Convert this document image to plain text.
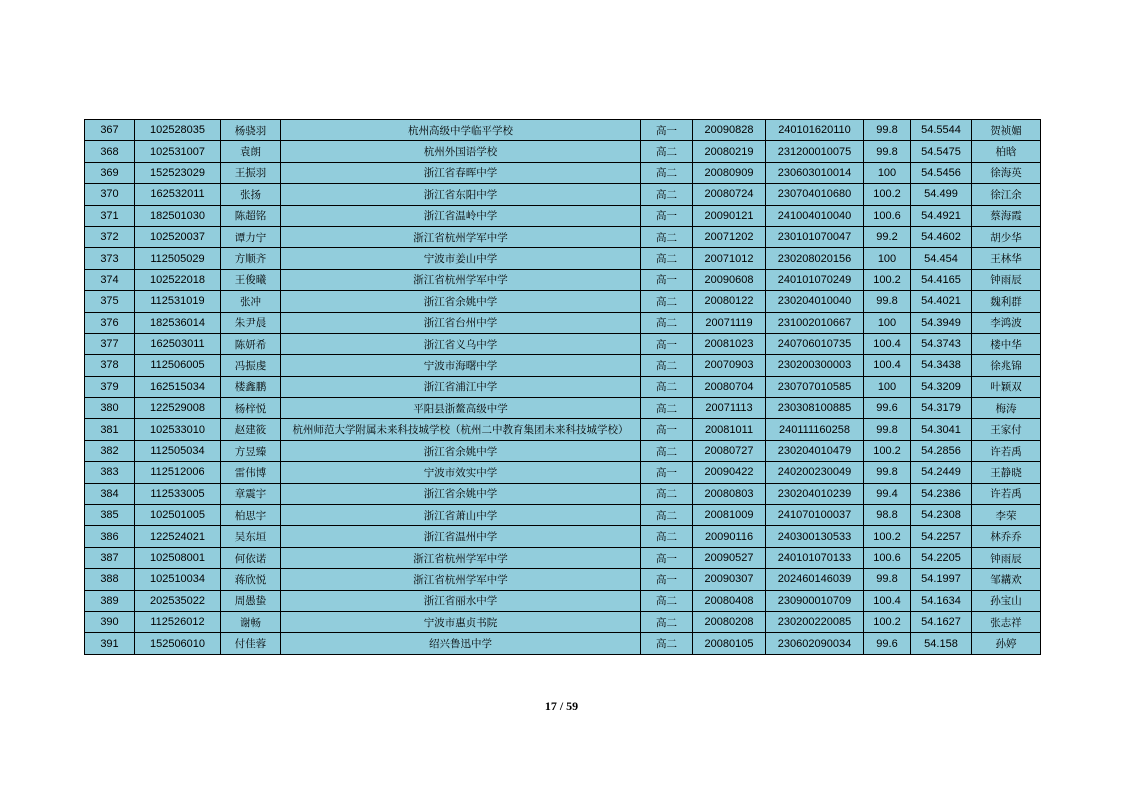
367	102528035	杨骁羽	杭州高级中学临平学校	高一	20090828	240101620110	99.8	54.5544	贺祯媚
368	102531007	袁朗	杭州外国语学校	高二	20080219	231200010075	99.8	54.5475	柏晗
369	152523029	王振羽	浙江省春晖中学	高二	20080909	230603010014	100	54.5456	徐海英
370	162532011	张扬	浙江省东阳中学	高二	20080724	230704010680	100.2	54.499	徐江余
371	182501030	陈超铭	浙江省温岭中学	高一	20090121	241004010040	100.6	54.4921	蔡海霞
372	102520037	谭力宁	浙江省杭州学军中学	高二	20071202	230101070047	99.2	54.4602	胡少华
373	112505029	方顺齐	宁波市姜山中学	高二	20071012	230208020156	100	54.454	王林华
374	102522018	王俊曦	浙江省杭州学军中学	高一	20090608	240101070249	100.2	54.4165	钟雨辰
375	112531019	张冲	浙江省余姚中学	高二	20080122	230204010040	99.8	54.4021	魏利群
376	182536014	朱尹晨	浙江省台州中学	高二	20071119	231002010667	100	54.3949	李鸿波
377	162503011	陈妍希	浙江省义乌中学	高一	20081023	240706010735	100.4	54.3743	楼中华
378	112506005	冯振虔	宁波市海曙中学	高二	20070903	230200300003	100.4	54.3438	徐兆锦
379	162515034	楼鑫鹏	浙江省浦江中学	高二	20080704	230707010585	100	54.3209	叶颖双
380	122529008	杨梓悦	平阳县浙鳌高级中学	高二	20071113	230308100885	99.6	54.3179	梅涛
381	102533010	赵建筱	杭州师范大学附属未来科技城学校（杭州二中教育集团未来科技城学校）	高一	20081011	240111160258	99.8	54.3041	王家付
382	112505034	方昱臻	浙江省余姚中学	高二	20080727	230204010479	100.2	54.2856	许若禹
383	112512006	雷伟博	宁波市效实中学	高一	20090422	240200230049	99.8	54.2449	王静晓
384	112533005	章震宇	浙江省余姚中学	高二	20080803	230204010239	99.4	54.2386	许若禹
385	102501005	柏思宇	浙江省萧山中学	高二	20081009	241070100037	98.8	54.2308	李荣
386	122524021	吴东垣	浙江省温州中学	高二	20090116	240300130533	100.2	54.2257	林乔乔
387	102508001	何依诺	浙江省杭州学军中学	高一	20090527	240101070133	100.6	54.2205	钟雨辰
388	102510034	蒋欣悦	浙江省杭州学军中学	高一	20090307	202460146039	99.8	54.1997	邹耩欢
389	202535022	周愚蛰	浙江省丽水中学	高二	20080408	230900010709	100.4	54.1634	孙宝山
390	112526012	谢畅	宁波市惠贞书院	高二	20080208	230200220085	100.2	54.1627	张志祥
391	152506010	付佳蓉	绍兴鲁迅中学	高二	20080105	230602090034	99.6	54.158	孙婷
17 / 59
